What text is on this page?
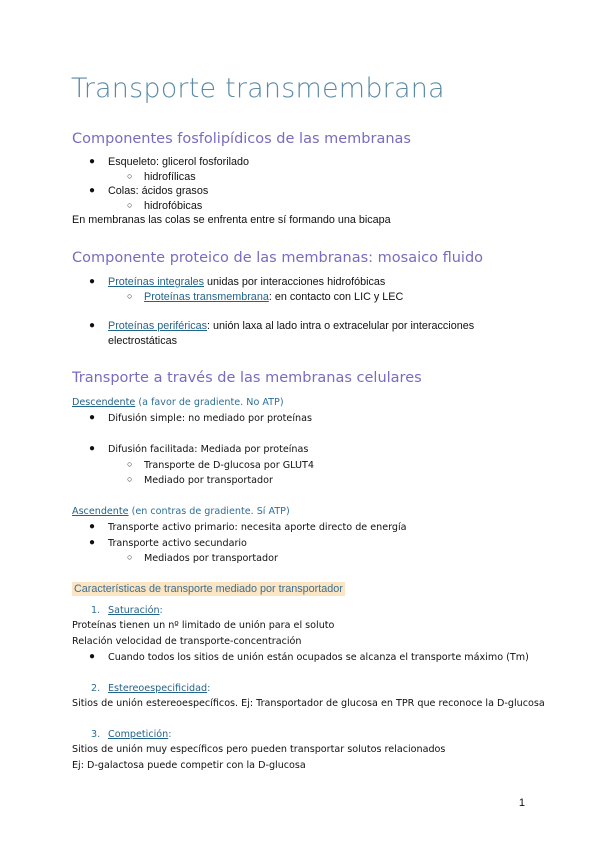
Transporte transmembrana
Componentes fosfolipídicos de las membranas
● Esqueleto: glicerol fosforilado
○ hidrofílicas
● Colas: ácidos grasos
○ hidrofóbicas
En membranas las colas se enfrenta entre sí formando una bicapa
Componente proteico de las membranas: mosaico fluido
● Proteínas integrales unidas por interacciones hidrofóbicas
○ Proteínas transmembrana: en contacto con LIC y LEC
● Proteínas periféricas: unión laxa al lado intra o extracelular por interacciones
electrostáticas
Transporte a través de las membranas celulares
Descendente (a favor de gradiente. No ATP)
● Difusión simple: no mediado por proteínas
● Difusión facilitada: Mediada por proteínas
○ Transporte de D-glucosa por GLUT4
○ Mediado por transportador
Ascendente (en contras de gradiente. Sí ATP)
● Transporte activo primario: necesita aporte directo de energía
● Transporte activo secundario
○ Mediados por transportador
Características de transporte mediado por transportador
1. Saturación:
Proteínas tienen un nº limitado de unión para el soluto
Relación velocidad de transporte-concentración
● Cuando todos los sitios de unión están ocupados se alcanza el transporte máximo (Tm)
2. Estereoespecificidad:
Sitios de unión estereoespecíficos. Ej: Transportador de glucosa en TPR que reconoce la D-glucosa
3. Competición:
Sitios de unión muy específicos pero pueden transportar solutos relacionados
Ej: D-galactosa puede competir con la D-glucosa
1
